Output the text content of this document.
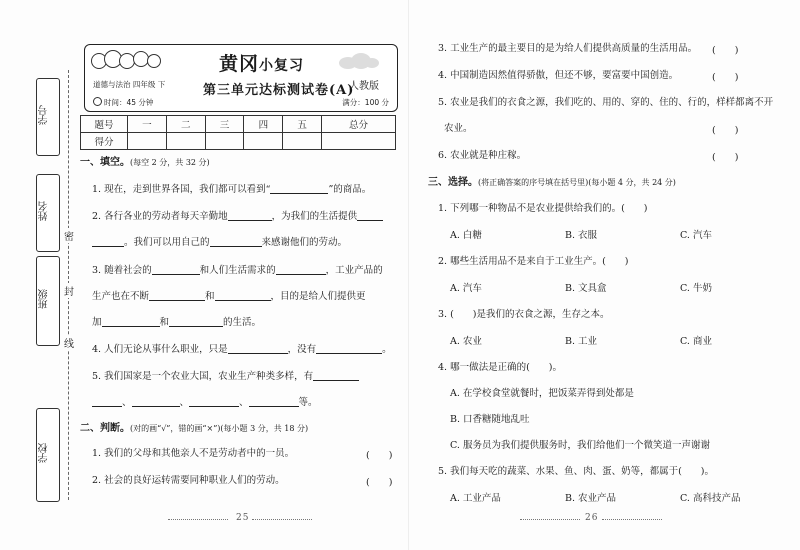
学号
姓名
班级
学校
密
封
线
黄冈小复习
道德与法治 四年级 下	第三单元达标测试卷(A)
人教版
时间：45 分钟	满分：100 分
题号	一	二	三	四	五	总分
得分						
一、填空。(每空 2 分，共 32 分)
1. 现在，走到世界各国，我们都可以看到“	”的商品。
2. 各行各业的劳动者每天辛勤地	，为我们的生活提供
。我们可以用自己的	来感谢他们的劳动。
3. 随着社会的	和人们生活需求的	，工业产品的
生产也在不断	和	，目的是给人们提供更
加	和	的生活。
4. 人们无论从事什么职业，只是	，没有	。
5. 我们国家是一个农业大国，农业生产种类多样，有
、	、	、	等。
二、判断。(对的画“√”，错的画“×”)(每小题 3 分，共 18 分)
1. 我们的父母和其他亲人不是劳动者中的一员。	(　　)
2. 社会的良好运转需要同种职业人们的劳动。	(　　)
3. 工业生产的最主要目的是为给人们提供高质量的生活用品。 (　　)
4. 中国制造因然值得骄傲，但还不够，要富要中国创造。	(　　)
5. 农业是我们的衣食之源，我们吃的、用的、穿的、住的、行的，样样都离不开
农业。	(　　)
6. 农业就是种庄稼。	(　　)
三、选择。(将正确答案的序号填在括号里)(每小题 4 分，共 24 分)
1. 下列哪一种物品不是农业提供给我们的。(　　)
A. 白糖	B. 衣服	C. 汽车
2. 哪些生活用品不是来自于工业生产。(　　)
A. 汽车	B. 文具盒	C. 牛奶
3. (　　)是我们的衣食之源，生存之本。
A. 农业	B. 工业	C. 商业
4. 哪一做法是正确的(　　)。
A. 在学校食堂就餐时，把饭菜弄得到处都是
B. 口香糖随地乱吐
C. 服务员为我们提供服务时，我们给他们一个微笑道一声谢谢
5. 我们每天吃的蔬菜、水果、鱼、肉、蛋、奶等，都属于(　　)。
A. 工业产品	B. 农业产品	C. 高科技产品
25	26
